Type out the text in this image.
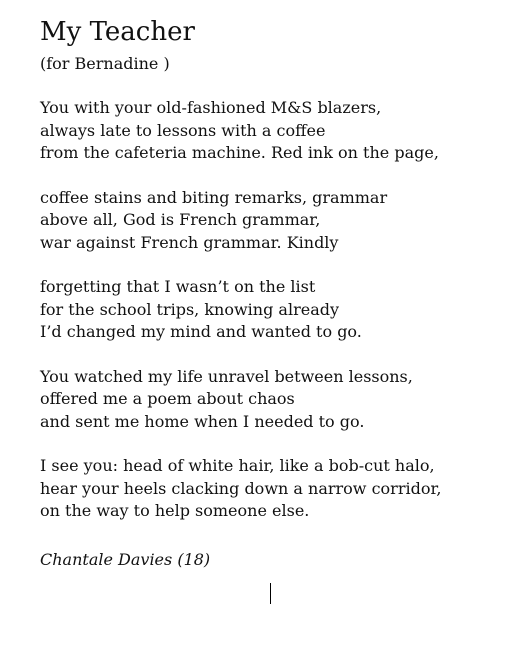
My Teacher
(for Bernadine )
You with your old-fashioned M&S blazers,
always late to lessons with a coffee
from the cafeteria machine. Red ink on the page,
coffee stains and biting remarks, grammar
above all, God is French grammar,
war against French grammar. Kindly
forgetting that I wasn’t on the list
for the school trips, knowing already
I’d changed my mind and wanted to go.
You watched my life unravel between lessons,
offered me a poem about chaos
and sent me home when I needed to go.
I see you: head of white hair, like a bob-cut halo,
hear your heels clacking down a narrow corridor,
on the way to help someone else.
Chantale Davies (18)
